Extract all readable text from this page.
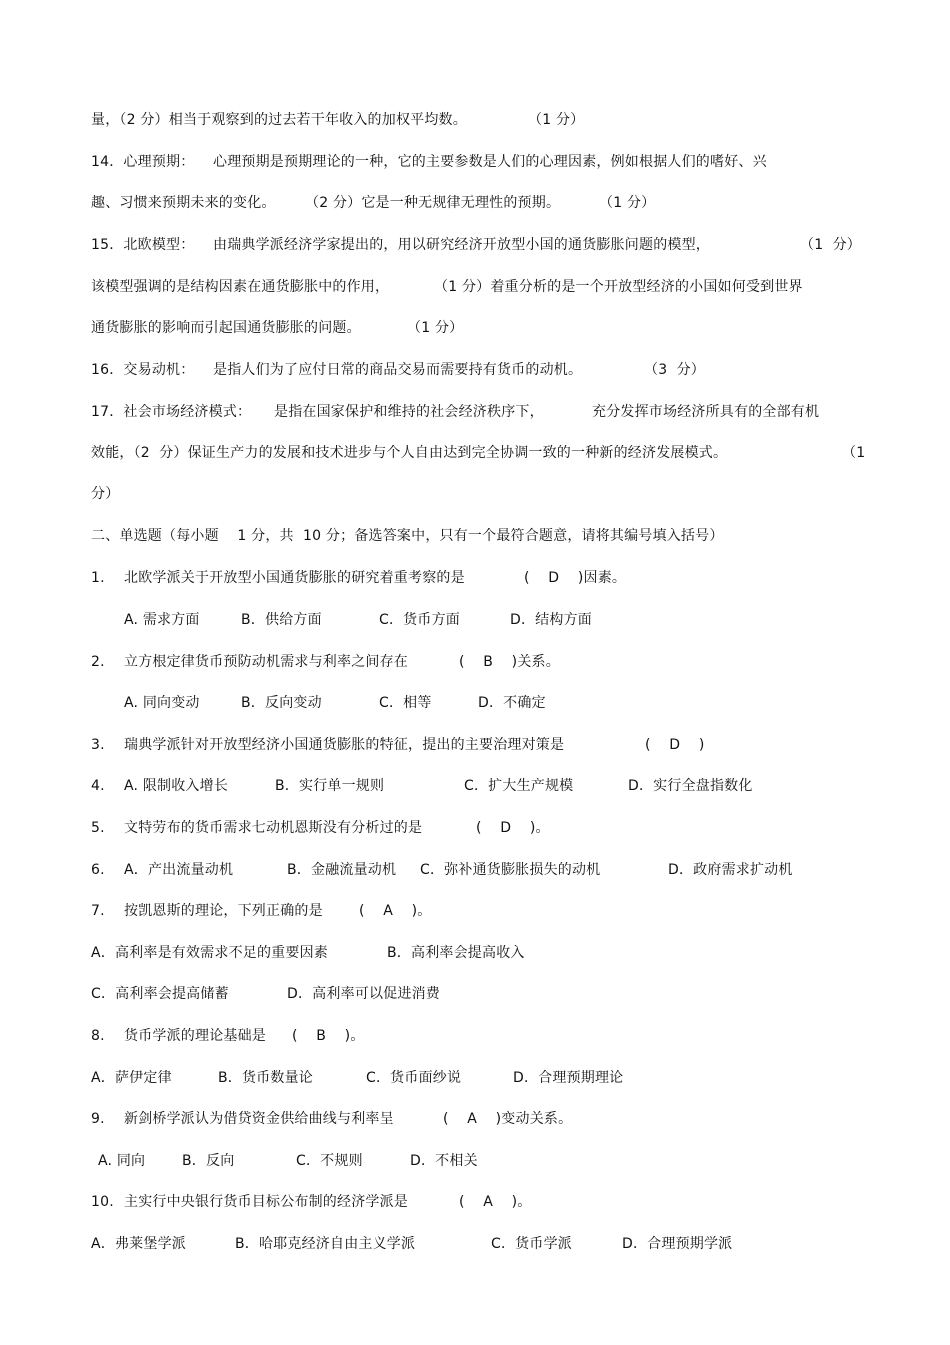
量，（2 分）相当于观察到的过去若干年收入的加权平均数。	（1 分）
14．心理预期： 心理预期是预期理论的一种，它的主要参数是人们的心理因素，例如根据人们的嗜好、兴
趣、习惯来预期未来的变化。 （2 分）它是一种无规律无理性的预期。	（1 分）
15．北欧模型： 由瑞典学派经济学家提出的，用以研究经济开放型小国的通货膨胀问题的模型，	（1  分）
该模型强调的是结构因素在通货膨胀中的作用，	（1 分）着重分析的是一个开放型经济的小国如何受到世界
通货膨胀的影响而引起国通货膨胀的问题。	（1 分）
16．交易动机： 是指人们为了应付日常的商品交易而需要持有货币的动机。	（3  分）
17．社会市场经济模式： 是指在国家保护和维持的社会经济秩序下，	充分发挥市场经济所具有的全部有机
效能，（2  分）保证生产力的发展和技术进步与个人自由达到完全协调一致的一种新的经济发展模式。	（1
分）
二、单选题（每小题    1 分，共  10 分；备选答案中，只有一个最符合题意，请将其编号填入括号）
1. 北欧学派关于开放型小国通货膨胀的研究着重考察的是	(    D    )因素。
A. 需求方面	B．供给方面	C．货币方面	D．结构方面
2. 立方根定律货币预防动机需求与利率之间存在	(    B    )关系。
A. 同向变动	B．反向变动	C．相等	D．不确定
3. 瑞典学派针对开放型经济小国通货膨胀的特征，提出的主要治理对策是	(    D    )
4. A. 限制收入增长	B．实行单一规则	C．扩大生产规模	D．实行全盘指数化
5. 文特劳布的货币需求七动机恩斯没有分析过的是	(    D    )。
6. A．产出流量动机	B．金融流量动机 C．弥补通货膨胀损失的动机	D．政府需求扩动机
7. 按凯恩斯的理论，下列正确的是	(    A    )。
A．高利率是有效需求不足的重要因素	B．高利率会提高收入
C．高利率会提高储蓄	D．高利率可以促进消费
8. 货币学派的理论基础是 (    B    )。
A．萨伊定律	B．货币数量论	C．货币面纱说	D．合理预期理论
9. 新剑桥学派认为借贷资金供给曲线与利率呈	(    A    )变动关系。
A. 同向	B．反向	C．不规则	D．不相关
10. 主实行中央银行货币目标公布制的经济学派是	(    A    )。
A．弗莱堡学派	B．哈耶克经济自由主义学派	C．货币学派	D．合理预期学派
